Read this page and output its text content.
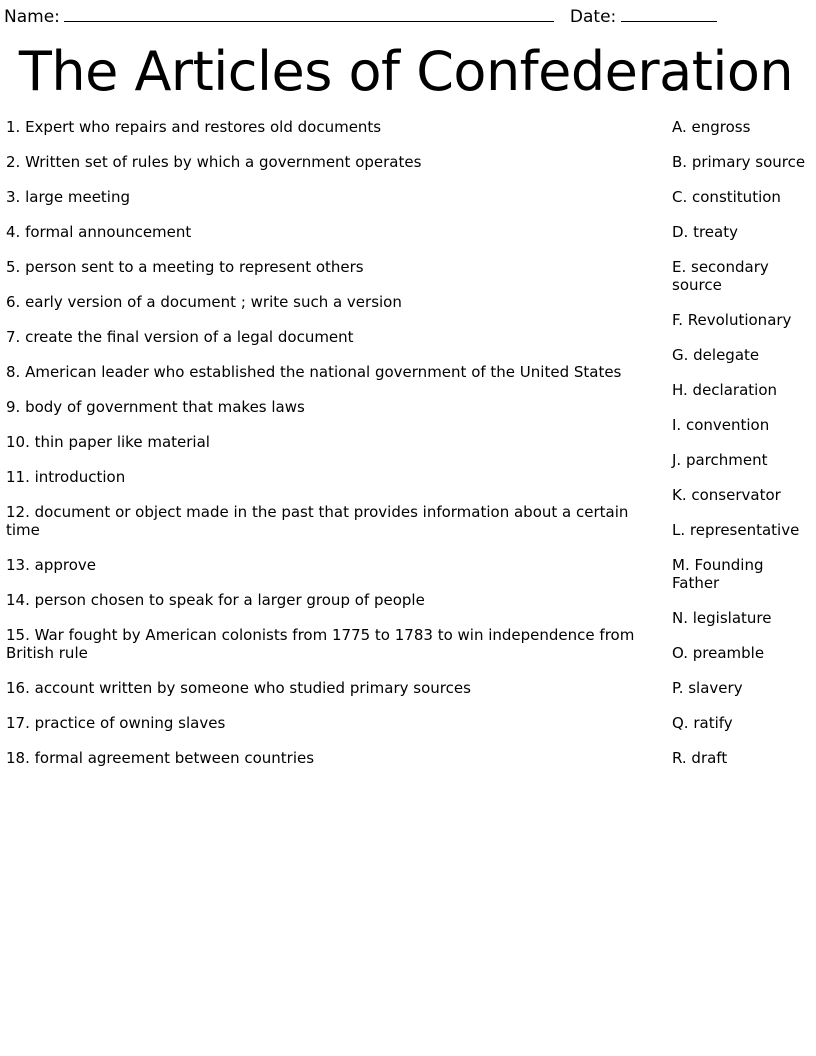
Name:	Date:
The Articles of Confederation
1. Expert who repairs and restores old documents
2. Written set of rules by which a government operates
3. large meeting
4. formal announcement
5. person sent to a meeting to represent others
6. early version of a document ; write such a version
7. create the final version of a legal document
8. American leader who established the national government of the United States
9. body of government that makes laws
10. thin paper like material
11. introduction
12. document or object made in the past that provides information about a certain time
13. approve
14. person chosen to speak for a larger group of people
15. War fought by American colonists from 1775 to 1783 to win independence from British rule
16. account written by someone who studied primary sources
17. practice of owning slaves
18. formal agreement between countries
A. engross
B. primary source
C. constitution
D. treaty
E. secondary source
F. Revolutionary
G. delegate
H. declaration
I. convention
J. parchment
K. conservator
L. representative
M. Founding Father
N. legislature
O. preamble
P. slavery
Q. ratify
R. draft
